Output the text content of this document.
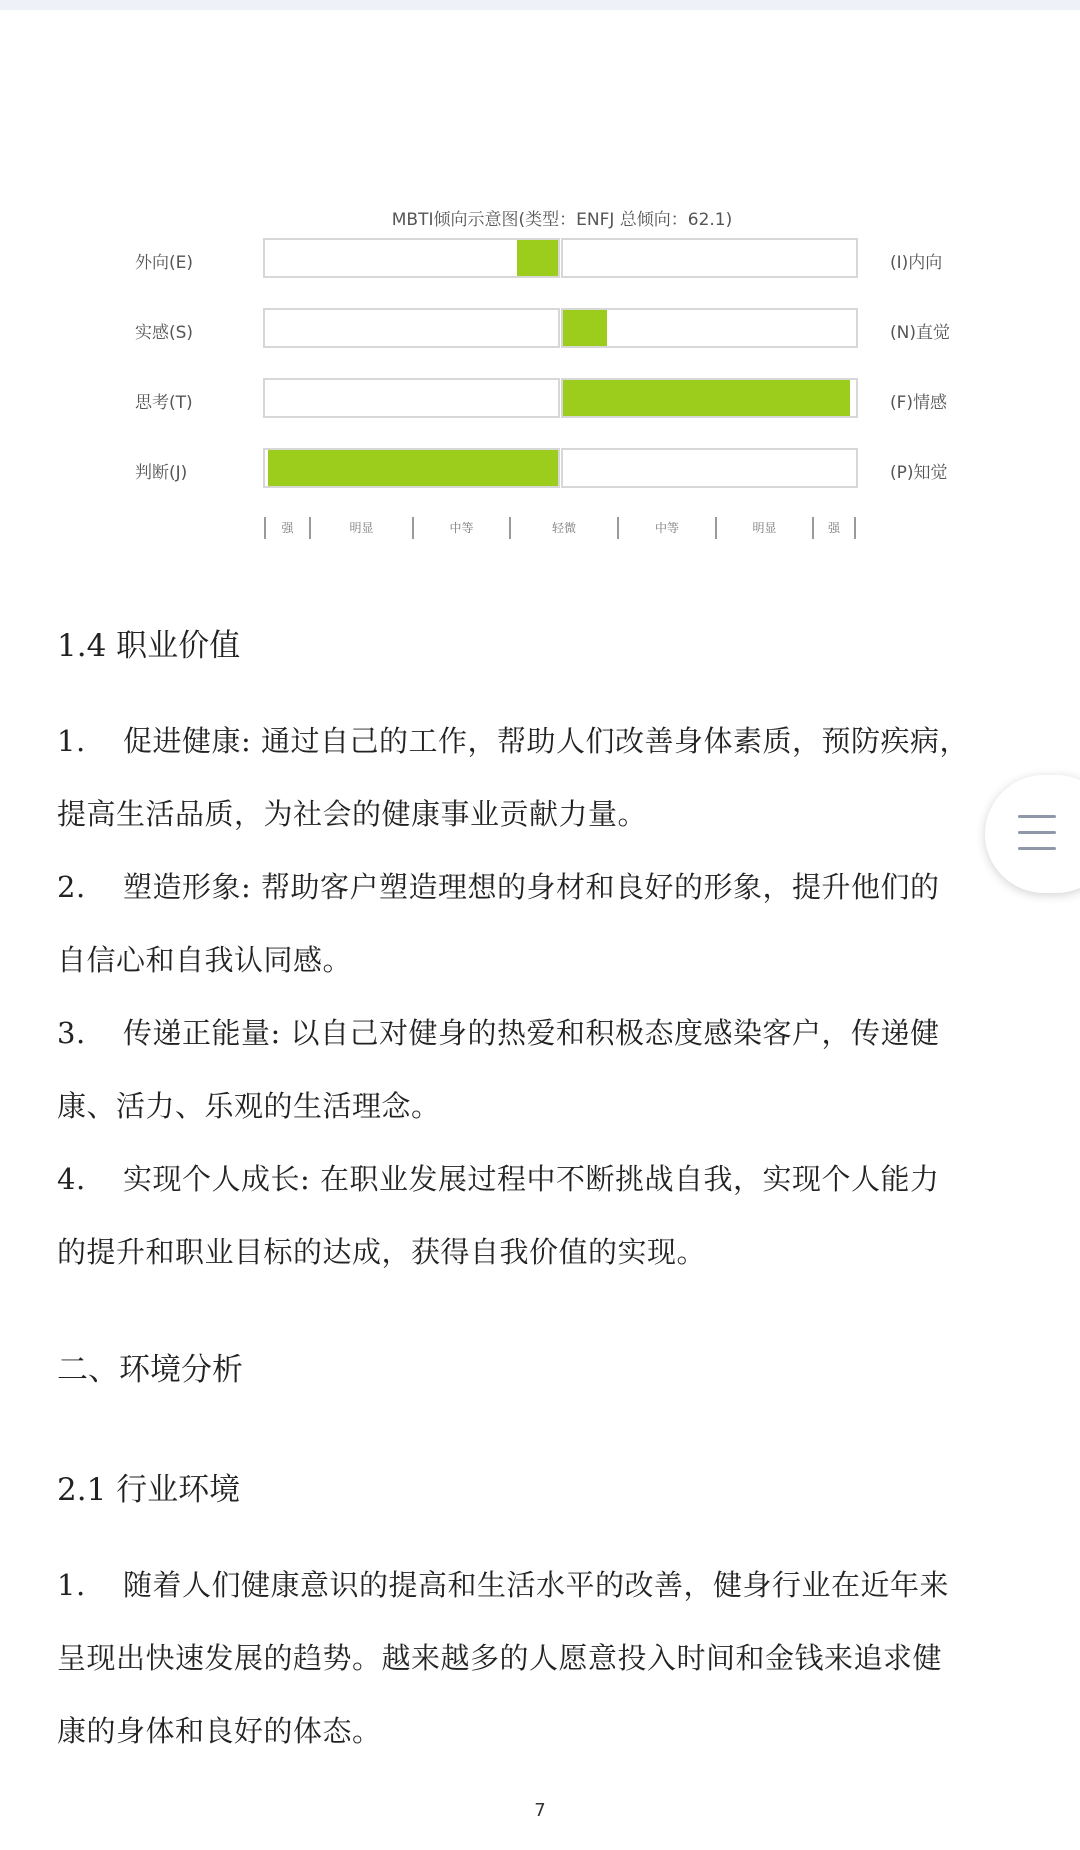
MBTI倾向示意图(类型：ENFJ 总倾向：62.1)
外向(E)	(I)内向
实感(S)	(N)直觉
思考(T)	(F)情感
判断(J)	(P)知觉
强	明显	中等	轻微	中等	明显	强
1.4 职业价值

1. 促进健康: 通过自己的工作，帮助人们改善身体素质，预防疾病，

提高生活品质，为社会的健康事业贡献力量。

2. 塑造形象: 帮助客户塑造理想的身材和良好的形象，提升他们的

自信心和自我认同感。

3. 传递正能量: 以自己对健身的热爱和积极态度感染客户，传递健

康、活力、乐观的生活理念。

4. 实现个人成长: 在职业发展过程中不断挑战自我，实现个人能力

的提升和职业目标的达成，获得自我价值的实现。

二、环境分析
2.1 行业环境

1. 随着人们健康意识的提高和生活水平的改善，健身行业在近年来

呈现出快速发展的趋势。越来越多的人愿意投入时间和金钱来追求健

康的身体和良好的体态。

7
